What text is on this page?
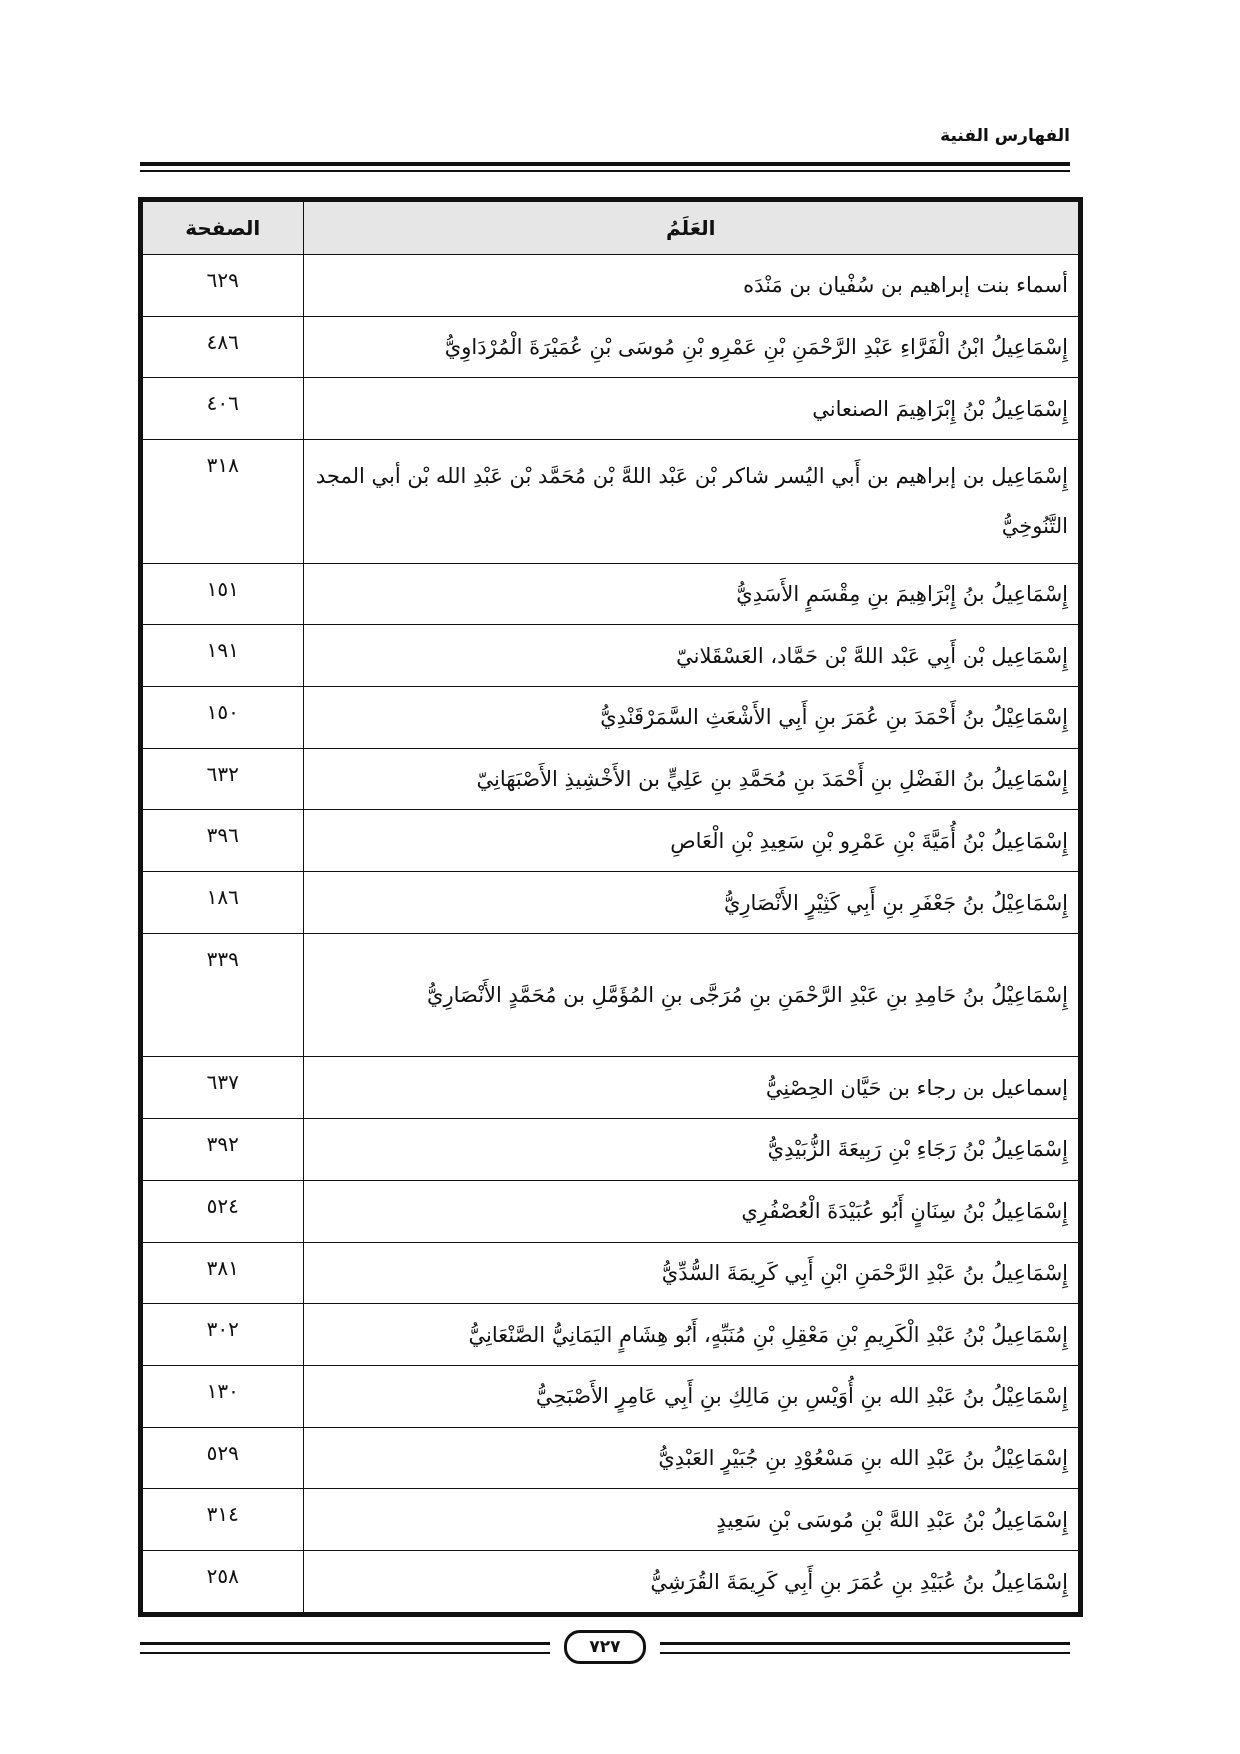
الفهارس الفنية
العَلَمُ	الصفحة
أسماء بنت إبراهيم بن سُفْيان بن مَنْدَه	٦٢٩
إِسْمَاعِيلُ ابْنُ الْفَرَّاءِ عَبْدِ الرَّحْمَنِ بْنِ عَمْرِو بْنِ مُوسَى بْنِ عُمَيْرَةَ الْمُرْدَاوِيُّ	٤٨٦
إِسْمَاعِيلُ بْنُ إِبْرَاهِيمَ الصنعاني	٤٠٦
إِسْمَاعِيل بن إبراهيم بن أَبي اليُسر شاكر بْن عَبْد اللهَّ بْن مُحَمَّد بْن عَبْدِ الله بْن أبي المجد التَّنُوخِيُّ	٣١٨
إِسْمَاعِيلُ بنُ إِبْرَاهِيمَ بنِ مِقْسَمٍ الأَسَدِيُّ	١٥١
إِسْمَاعِيل بْن أَبِي عَبْد اللهَّ بْن حَمَّاد، العَسْقَلانيّ	١٩١
إِسْمَاعِيْلُ بنُ أَحْمَدَ بنِ عُمَرَ بنِ أَبِي الأَشْعَثِ السَّمَرْقَنْدِيُّ	١٥٠
إِسْمَاعِيلُ بنُ الفَضْلِ بنِ أَحْمَدَ بنِ مُحَمَّدِ بنِ عَلِيٍّ بن الأَخْشِيذِ الأَصْبَهَانِيّ	٦٣٢
إِسْمَاعِيلُ بْنُ أُمَيَّةَ بْنِ عَمْرِو بْنِ سَعِيدِ بْنِ الْعَاصِ	٣٩٦
إِسْمَاعِيْلُ بنُ جَعْفَرِ بنِ أَبِي كَثِيْرٍ الأَنْصَارِيُّ	١٨٦
إِسْمَاعِيْلُ بنُ حَامِدِ بنِ عَبْدِ الرَّحْمَنِ بنِ مُرَجَّى بنِ المُؤَمَّلِ بن مُحَمَّدٍ الأَنْصَارِيُّ	٣٣٩
إسماعيل بن رجاء بن حَيَّان الحِصْنِيُّ	٦٣٧
إِسْمَاعِيلُ بْنُ رَجَاءِ بْنِ رَبِيعَةَ الزُّبَيْدِيُّ	٣٩٢
إِسْمَاعِيلُ بْنُ سِنَانٍ أَبُو عُبَيْدَةَ الْعُصْفُرِي	٥٢٤
إِسْمَاعِيلُ بنُ عَبْدِ الرَّحْمَنِ ابْنِ أَبِي كَرِيمَةَ السُّدِّيُّ	٣٨١
إِسْمَاعِيلُ بْنُ عَبْدِ الْكَرِيمِ بْنِ مَعْقِلِ بْنِ مُنَبِّهٍ، أَبُو هِشَامٍ اليَمَانِيُّ الصَّنْعَانِيُّ	٣٠٢
إِسْمَاعِيْلُ بنُ عَبْدِ الله بنِ أُوَيْسِ بنِ مَالِكِ بنِ أَبِي عَامِرٍ الأَصْبَحِيُّ	١٣٠
إِسْمَاعِيْلُ بنُ عَبْدِ الله بنِ مَسْعُوْدِ بنِ جُبَيْرٍ العَبْدِيُّ	٥٢٩
إِسْمَاعِيلُ بْنُ عَبْدِ اللهَّ بْنِ مُوسَى بْنِ سَعِيدٍ	٣١٤
إِسْمَاعِيلُ بنُ عُبَيْدِ بنِ عُمَرَ بنِ أَبِي كَرِيمَةَ القُرَشِيُّ	٢٥٨
٧٢٧
